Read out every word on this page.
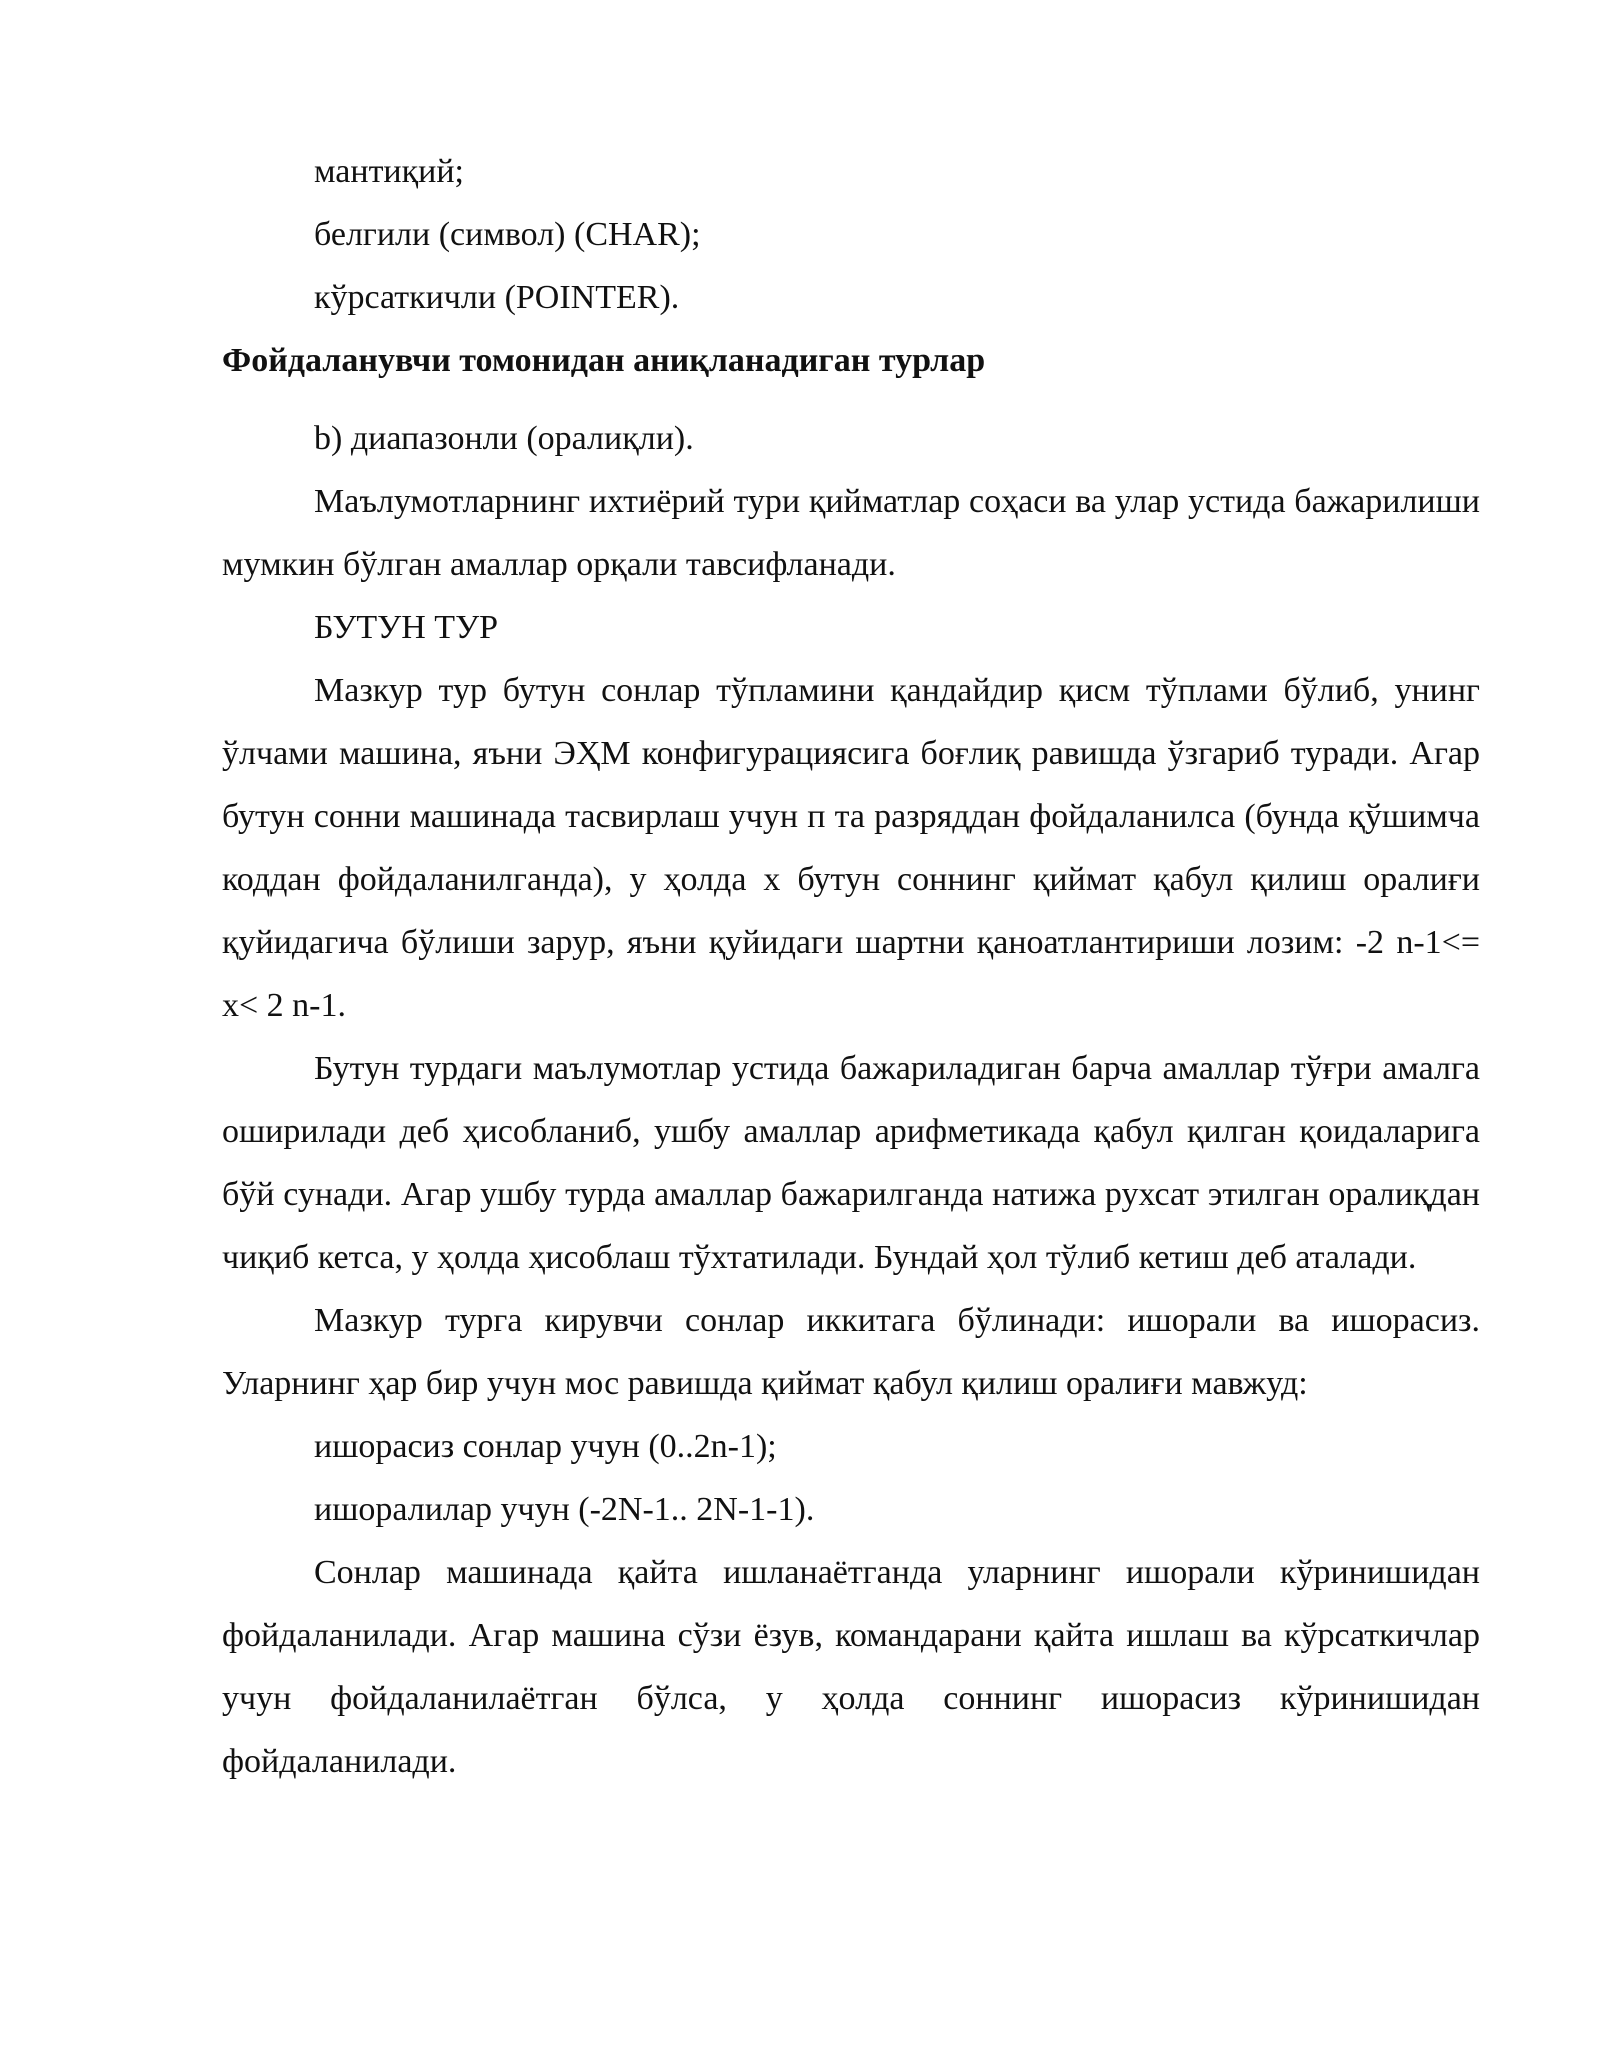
мантиқий;
белгили (символ) (CHAR);
кўрсаткичли (POINTER).
Фойдаланувчи томонидан аниқланадиган турлар
b) диапазонли (оралиқли).

Маълумотларнинг ихтиёрий тури қийматлар соҳаси ва улар устида бажарилиши мумкин бўлган амаллар орқали тавсифланади.

БУТУН ТУР

Мазкур тур бутун сонлар тўпламини қандайдир қисм тўплами бўлиб, унинг ўлчами машина, яъни ЭҲМ конфигурациясига боғлиқ равишда ўзгариб туради. Агар бутун сонни машинада тасвирлаш учун п та разряддан фойдаланилса (бунда қўшимча коддан фойдаланилганда), у ҳолда х бутун соннинг қиймат қабул қилиш оралиғи қуйидагича бўлиши зарур, яъни қуйидаги шартни қаноатлантириши лозим: -2 n-1<= x< 2 n-1.

Бутун турдаги маълумотлар устида бажариладиган барча амаллар тўғри амалга оширилади деб ҳисобланиб, ушбу амаллар арифметикада қабул қилган қоидаларига бўй сунади. Агар ушбу турда амаллар бажарилганда натижа рухсат этилган оралиқдан чиқиб кетса, у ҳолда ҳисоблаш тўхтатилади. Бундай ҳол тўлиб кетиш деб аталади.

Мазкур турга кирувчи сонлар иккитага бўлинади: ишорали ва ишорасиз. Уларнинг ҳар бир учун мос равишда қиймат қабул қилиш оралиғи мавжуд:

ишорасиз сонлар учун (0..2n-1);
ишоралилар учун (-2N-1.. 2N-1-1).

Сонлар машинада қайта ишланаётганда уларнинг ишорали кўринишидан фойдаланилади. Агар машина сўзи ёзув, командарани қайта ишлаш ва кўрсаткичлар учун фойдаланилаётган бўлса, у ҳолда соннинг ишорасиз кўринишидан фойдаланилади.
